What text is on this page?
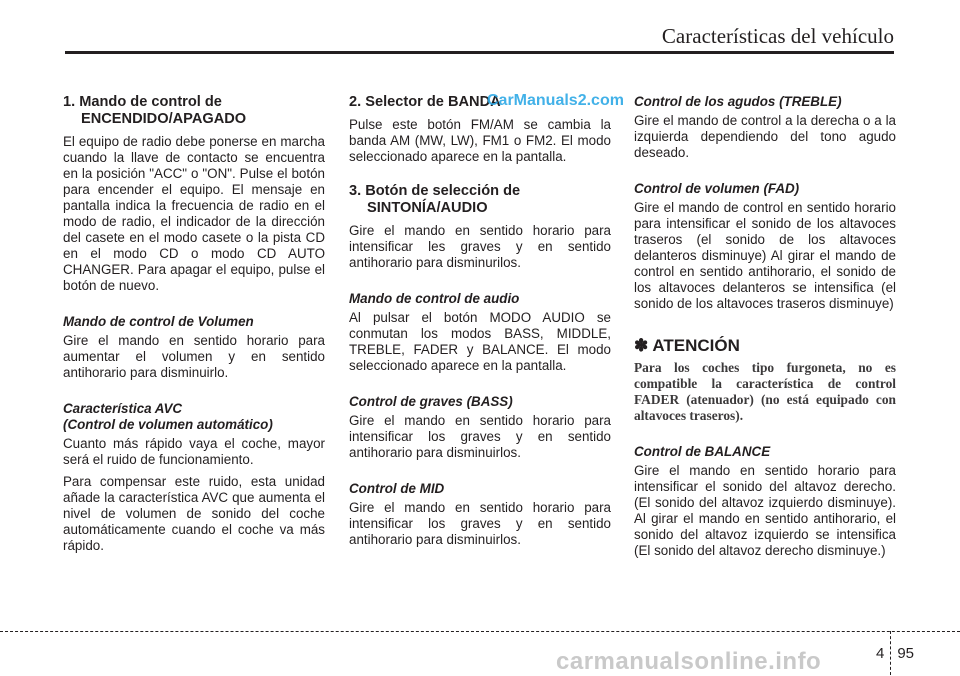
Características del vehículo
1. Mando de control de
ENCENDIDO/APAGADO

El equipo de radio debe ponerse en marcha cuando la llave de contacto se encuentra en la posición "ACC" o "ON". Pulse el botón para encender el equipo. El mensaje en pantalla indica la frecuencia de radio en el modo de radio, el indicador de la dirección del casete en el modo casete o la pista CD en el modo CD o modo CD AUTO CHANGER. Para apagar el equipo, pulse el botón de nuevo.

Mando de control de Volumen

Gire el mando en sentido horario para aumentar el volumen y en sentido antihorario para disminuirlo.

Característica AVC
(Control de volumen automático)

Cuanto más rápido vaya el coche, mayor será el ruido de funcionamiento.

Para compensar este ruido, esta unidad añade la característica AVC que aumenta el nivel de volumen de sonido del coche automáticamente cuando el coche va más rápido.

2. Selector de BANDA

Pulse este botón FM/AM se cambia la banda AM (MW, LW), FM1 o FM2. El modo seleccionado aparece en la pantalla.

3. Botón de selección de
SINTONÍA/AUDIO

Gire el mando en sentido horario para intensificar les graves y en sentido antihorario para disminurilos.

Mando de control de audio

Al pulsar el botón MODO AUDIO se conmutan los modos BASS, MIDDLE, TREBLE, FADER y BALANCE. El modo seleccionado aparece en la pantalla.

Control de graves (BASS)

Gire el mando en sentido horario para intensificar los graves y en sentido antihorario para disminuirlos.

Control de MID

Gire el mando en sentido horario para intensificar los graves y en sentido antihorario para disminuirlos.

CarManuals2.com Control de los agudos (TREBLE)

Gire el mando de control a la derecha o a la izquierda dependiendo del tono agudo deseado.

Control de volumen (FAD)

Gire el mando de control en sentido horario para intensificar el sonido de los altavoces traseros (el sonido de los altavoces delanteros disminuye) Al girar el mando de control en sentido antihorario, el sonido de los altavoces delanteros se intensifica (el sonido de los altavoces traseros disminuye)

✽ ATENCIÓN

Para los coches tipo furgoneta, no es compatible la característica de control FADER (atenuador) (no está equipado con altavoces traseros).

Control de BALANCE

Gire el mando en sentido horario para intensificar el sonido del altavoz derecho. (El sonido del altavoz izquierdo disminuye). Al girar el mando en sentido antihorario, el sonido del altavoz izquierdo se intensifica (El sonido del altavoz derecho disminuye.)

4 95
carmanualsonline.info
